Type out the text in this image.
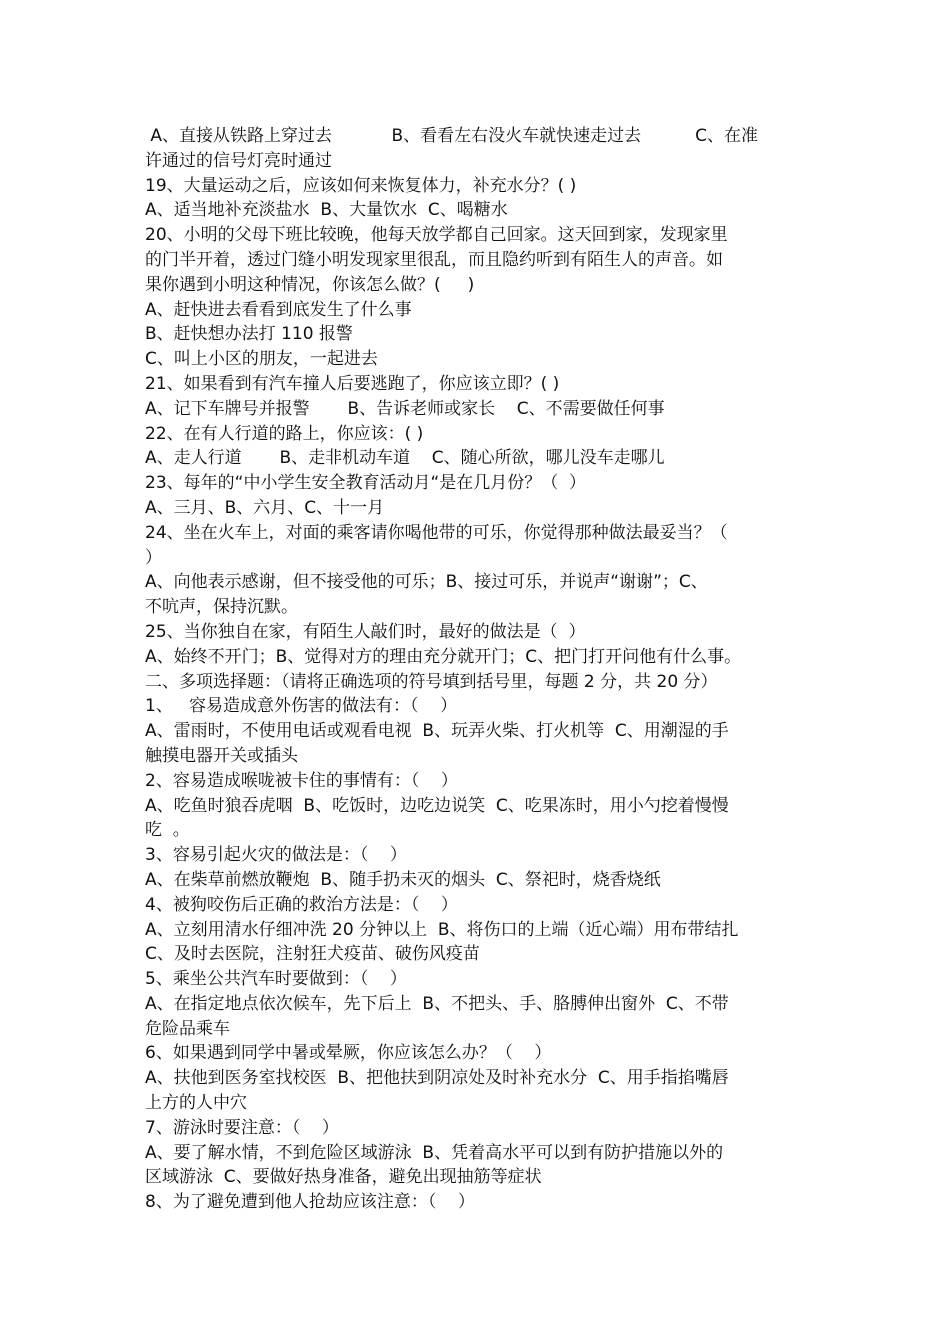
A、直接从铁路上穿过去           B、看看左右没火车就快速走过去          C、在准
许通过的信号灯亮时通过
19、大量运动之后，应该如何来恢复体力，补充水分？( )
A、适当地补充淡盐水  B、大量饮水  C、喝糖水
20、小明的父母下班比较晚，他每天放学都自己回家。这天回到家，发现家里
的门半开着，透过门缝小明发现家里很乱，而且隐约听到有陌生人的声音。如
果你遇到小明这种情况，你该怎么做？(     )
A、赶快进去看看到底发生了什么事
B、赶快想办法打 110 报警
C、叫上小区的朋友，一起进去
21、如果看到有汽车撞人后要逃跑了，你应该立即？( )
A、记下车牌号并报警       B、告诉老师或家长    C、不需要做任何事
22、在有人行道的路上，你应该：( )
A、走人行道       B、走非机动车道    C、随心所欲，哪儿没车走哪儿
23、每年的“中小学生安全教育活动月“是在几月份？（  ）
A、三月、B、六月、C、十一月
24、坐在火车上，对面的乘客请你喝他带的可乐，你觉得那种做法最妥当？（
）
A、向他表示感谢，但不接受他的可乐；B、接过可乐，并说声“谢谢”；C、
不吭声，保持沉默。
25、当你独自在家，有陌生人敲们时，最好的做法是（  ）
A、始终不开门；B、觉得对方的理由充分就开门；C、把门打开问他有什么事。
二、多项选择题：（请将正确选项的符号填到括号里，每题 2 分，共 20 分）
1、   容易造成意外伤害的做法有：（    ）
A、雷雨时，不使用电话或观看电视  B、玩弄火柴、打火机等  C、用潮湿的手
触摸电器开关或插头
2、容易造成喉咙被卡住的事情有：（    ）
A、吃鱼时狼吞虎咽  B、吃饭时，边吃边说笑  C、吃果冻时，用小勺挖着慢慢
吃  。
3、容易引起火灾的做法是：（    ）
A、在柴草前燃放鞭炮  B、随手扔未灭的烟头  C、祭祀时，烧香烧纸
4、被狗咬伤后正确的救治方法是：（    ）
A、立刻用清水仔细冲洗 20 分钟以上  B、将伤口的上端（近心端）用布带结扎
C、及时去医院，注射狂犬疫苗、破伤风疫苗
5、乘坐公共汽车时要做到：（    ）
A、在指定地点依次候车，先下后上  B、不把头、手、胳膊伸出窗外  C、不带
危险品乘车
6、如果遇到同学中暑或晕厥，你应该怎么办？（    ）
A、扶他到医务室找校医  B、把他扶到阴凉处及时补充水分  C、用手指掐嘴唇
上方的人中穴
7、游泳时要注意：（    ）
A、要了解水情，不到危险区域游泳  B、凭着高水平可以到有防护措施以外的
区域游泳  C、要做好热身准备，避免出现抽筋等症状
8、为了避免遭到他人抢劫应该注意：（    ）
